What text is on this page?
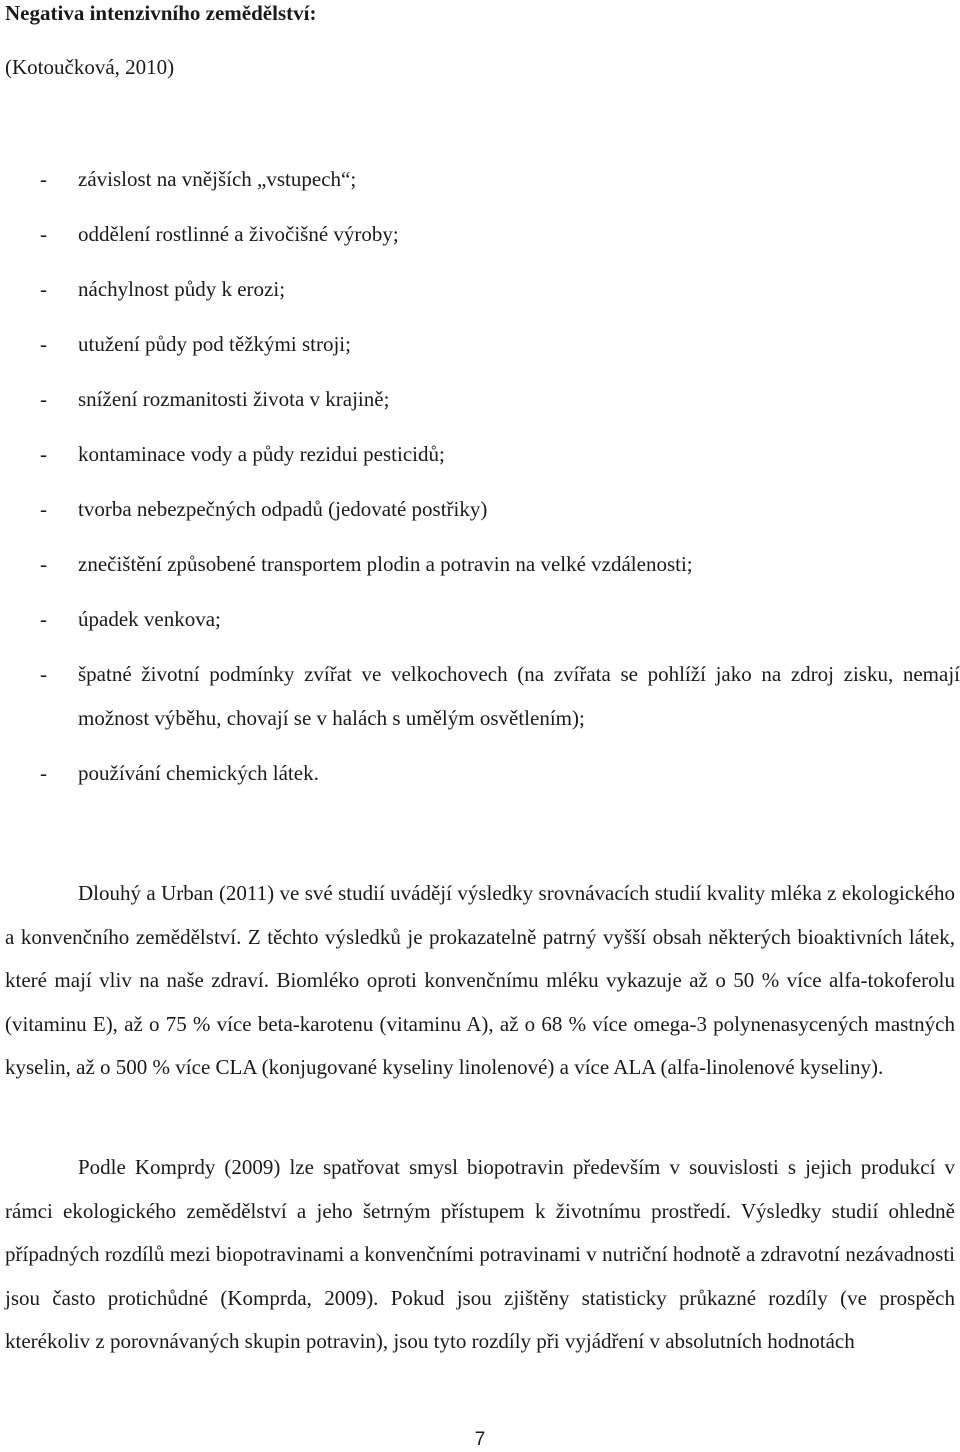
Negativa intenzivního zemědělství:
(Kotoučková, 2010)
- závislost na vnějších „vstupech“;
- oddělení rostlinné a živočišné výroby;
- náchylnost půdy k erozi;
- utužení půdy pod těžkými stroji;
- snížení rozmanitosti života v krajině;
- kontaminace vody a půdy rezidui pesticidů;
- tvorba nebezpečných odpadů (jedovaté postřiky)
- znečištění způsobené transportem plodin a potravin na velké vzdálenosti;
- úpadek venkova;
- špatné životní podmínky zvířat ve velkochovech (na zvířata se pohlíží jako na zdroj zisku, nemají možnost výběhu, chovají se v halách s umělým osvětlením);
- používání chemických látek.

Dlouhý a Urban (2011) ve své studií uvádějí výsledky srovnávacích studií kvality mléka z ekologického a konvenčního zemědělství. Z těchto výsledků je prokazatelně patrný vyšší obsah některých bioaktivních látek, které mají vliv na naše zdraví. Biomléko oproti konvenčnímu mléku vykazuje až o 50 % více alfa-tokoferolu (vitaminu E), až o 75 % více beta-karotenu (vitaminu A), až o 68 % více omega-3 polynenasycených mastných kyselin, až o 500 % více CLA (konjugované kyseliny linolenové) a více ALA (alfa-linolenové kyseliny).

Podle Komprdy (2009) lze spatřovat smysl biopotravin především v souvislosti s jejich produkcí v rámci ekologického zemědělství a jeho šetrným přístupem k životnímu prostředí. Výsledky studií ohledně případných rozdílů mezi biopotravinami a konvenčními potravinami v nutriční hodnotě a zdravotní nezávadnosti jsou často protichůdné (Komprda, 2009). Pokud jsou zjištěny statisticky průkazné rozdíly (ve prospěch kterékoliv z porovnávaných skupin potravin), jsou tyto rozdíly při vyjádření v absolutních hodnotách

7
